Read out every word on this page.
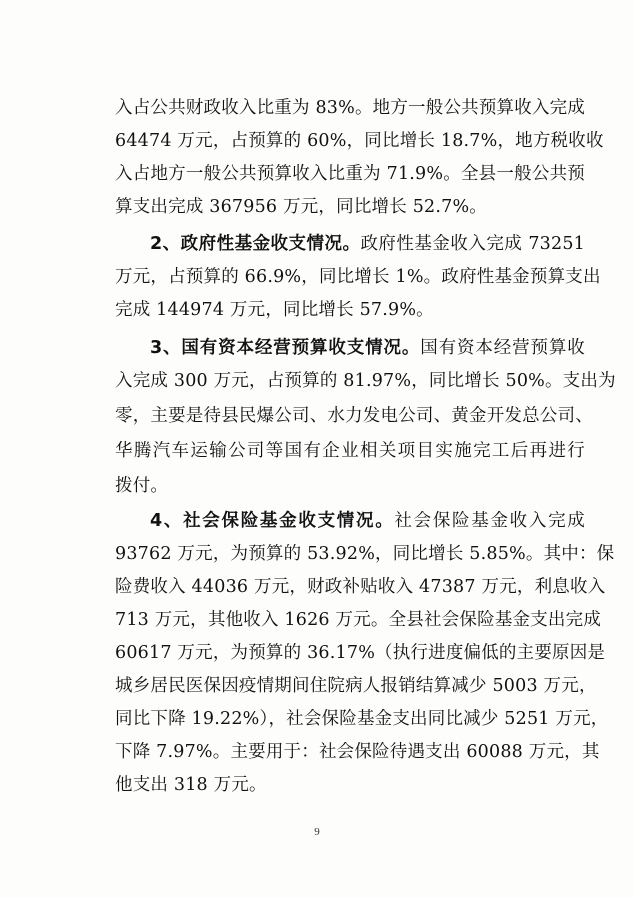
入占公共财政收入比重为 83%。地方一般公共预算收入完成
64474 万元，占预算的 60%，同比增长 18.7%，地方税收收
入占地方一般公共预算收入比重为 71.9%。全县一般公共预
算支出完成 367956 万元，同比增长 52.7%。
2、政府性基金收支情况。政府性基金收入完成 73251
万元，占预算的 66.9%，同比增长 1%。政府性基金预算支出
完成 144974 万元，同比增长 57.9%。
3、国有资本经营预算收支情况。国有资本经营预算收
入完成 300 万元，占预算的 81.97%，同比增长 50%。支出为
零，主要是待县民爆公司、水力发电公司、黄金开发总公司、
华腾汽车运输公司等国有企业相关项目实施完工后再进行
拨付。
4、社会保险基金收支情况。社会保险基金收入完成
93762 万元，为预算的 53.92%，同比增长 5.85%。其中：保
险费收入 44036 万元，财政补贴收入 47387 万元，利息收入
713 万元，其他收入 1626 万元。全县社会保险基金支出完成
60617 万元，为预算的 36.17%（执行进度偏低的主要原因是
城乡居民医保因疫情期间住院病人报销结算减少 5003 万元，
同比下降 19.22%），社会保险基金支出同比减少 5251 万元，
下降 7.97%。主要用于：社会保险待遇支出 60088 万元，其
他支出 318 万元。
9
